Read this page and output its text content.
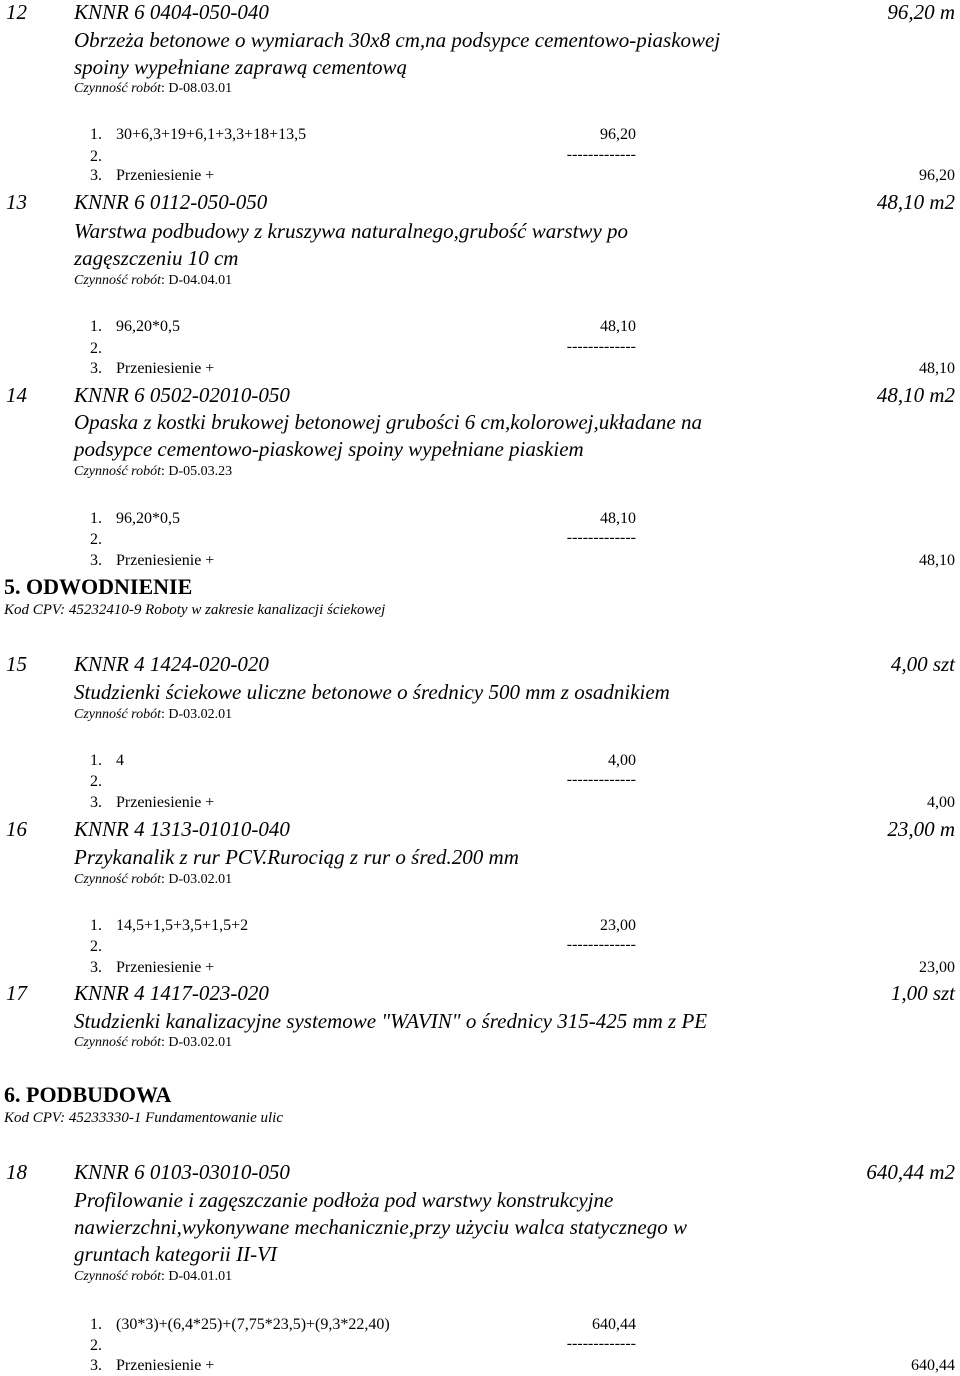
12 KNNR 6 0404-050-040	96,20 m
Obrzeża betonowe o wymiarach 30x8 cm,na podsypce cementowo-piaskowej
spoiny wypełniane zaprawą cementową
Czynność robót: D-08.03.01
1. 30+6,3+19+6,1+3,3+18+13,5	96,20
2.	-------------
3. Przeniesienie +	96,20
13 KNNR 6 0112-050-050	48,10 m2
Warstwa podbudowy z kruszywa naturalnego,grubość warstwy po
zagęszczeniu 10 cm
Czynność robót: D-04.04.01
1. 96,20*0,5	48,10
2.	-------------
3. Przeniesienie +	48,10
14 KNNR 6 0502-02010-050	48,10 m2
Opaska z kostki brukowej betonowej grubości 6 cm,kolorowej,układane na
podsypce cementowo-piaskowej spoiny wypełniane piaskiem
Czynność robót: D-05.03.23
1. 96,20*0,5	48,10
2.	-------------
3. Przeniesienie +	48,10
5. ODWODNIENIE
Kod CPV: 45232410-9 Roboty w zakresie kanalizacji ściekowej
15 KNNR 4 1424-020-020	4,00 szt
Studzienki ściekowe uliczne betonowe o średnicy 500 mm z osadnikiem
Czynność robót: D-03.02.01
1. 4	4,00
2.	-------------
3. Przeniesienie +	4,00
16 KNNR 4 1313-01010-040	23,00 m
Przykanalik z rur PCV.Rurociąg z rur o śred.200 mm
Czynność robót: D-03.02.01
1. 14,5+1,5+3,5+1,5+2	23,00
2.	-------------
3. Przeniesienie +	23,00
17 KNNR 4 1417-023-020	1,00 szt
Studzienki kanalizacyjne systemowe "WAVIN" o średnicy 315-425 mm z PE
Czynność robót: D-03.02.01
6. PODBUDOWA
Kod CPV: 45233330-1 Fundamentowanie ulic
18 KNNR 6 0103-03010-050	640,44 m2
Profilowanie i zagęszczanie podłoża pod warstwy konstrukcyjne
nawierzchni,wykonywane mechanicznie,przy użyciu walca statycznego w
gruntach kategorii II-VI
Czynność robót: D-04.01.01
1. (30*3)+(6,4*25)+(7,75*23,5)+(9,3*22,40)	640,44
2.	-------------
3. Przeniesienie +	640,44
